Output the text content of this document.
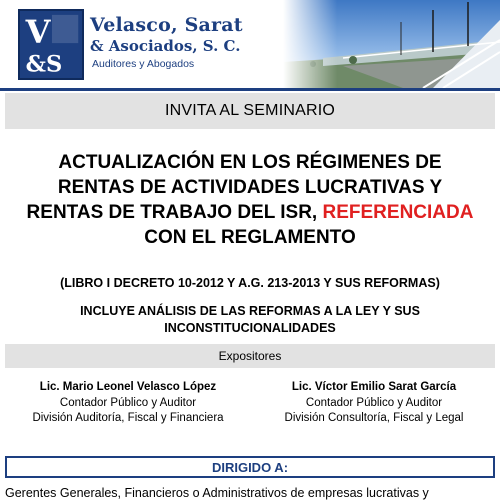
V
&S
Velasco, Sarat
& Asociados, S. C.
Auditores y Abogados
INVITA AL SEMINARIO
ACTUALIZACIÓN EN LOS RÉGIMENES DE
RENTAS DE ACTIVIDADES LUCRATIVAS Y
RENTAS DE TRABAJO DEL ISR, REFERENCIADA
CON EL REGLAMENTO
(LIBRO I DECRETO 10-2012 Y A.G. 213-2013 Y SUS REFORMAS)
INCLUYE ANÁLISIS DE LAS REFORMAS A LA LEY Y SUS
INCONSTITUCIONALIDADES
Expositores
Lic. Mario Leonel Velasco López
Contador Público y Auditor
División Auditoría, Fiscal y Financiera
Lic. Víctor Emilio Sarat García
Contador Público y Auditor
División Consultoría, Fiscal y Legal
DIRIGIDO A:
Gerentes Generales, Financieros o Administrativos de empresas lucrativas y
